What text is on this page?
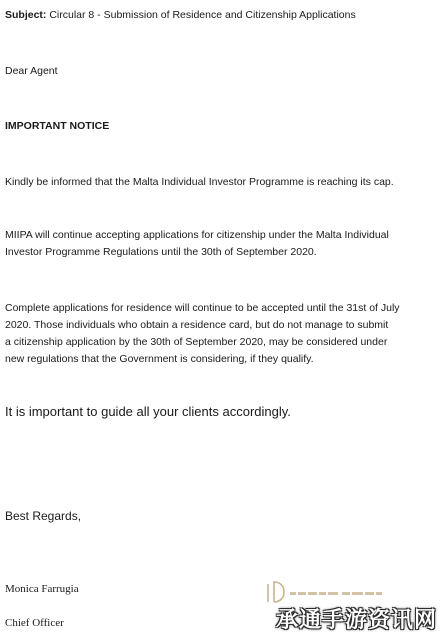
Subject: Circular 8 - Submission of Residence and Citizenship Applications
Dear Agent
IMPORTANT NOTICE
Kindly be informed that the Malta Individual Investor Programme is reaching its cap.
MIIPA will continue accepting applications for citizenship under the Malta Individual
Investor Programme Regulations until the 30th of September 2020.
Complete applications for residence will continue to be accepted until the 31st of July
2020. Those individuals who obtain a residence card, but do not manage to submit
a citizenship application by the 30th of September 2020, may be considered under
new regulations that the Government is considering, if they qualify.
It is important to guide all your clients accordingly.
Best Regards,
Monica Farrugia
Chief Officer	承通手游资讯网
